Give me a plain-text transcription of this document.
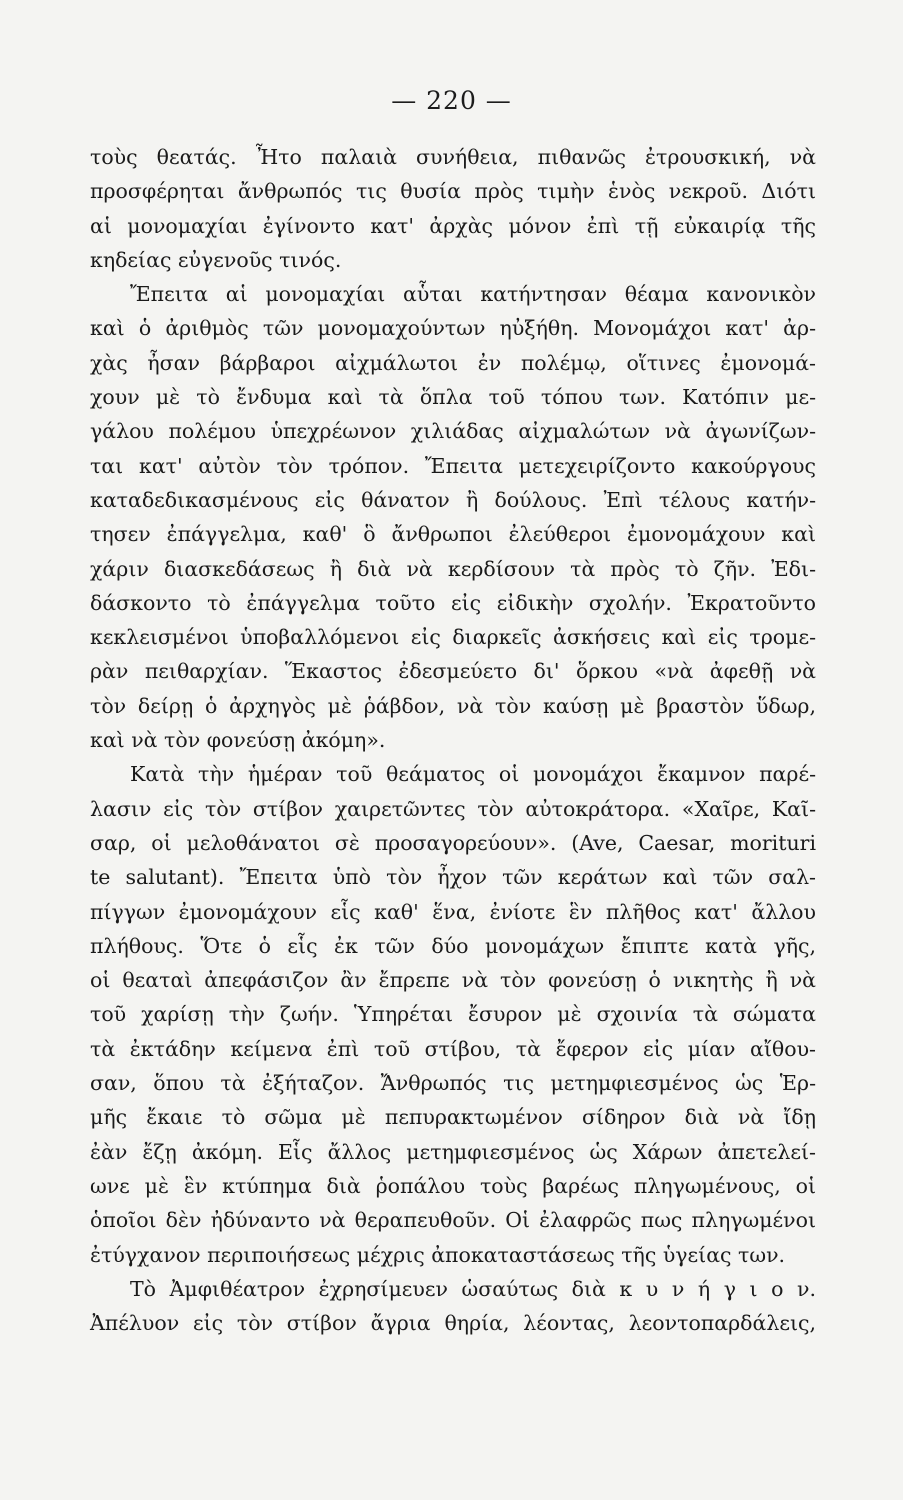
— 220 —
τοὺς θεατάς. Ἦτο παλαιὰ συνήθεια, πιθανῶς ἐτρουσκική, νὰ
προσφέρηται ἄνθρωπός τις θυσία πρὸς τιμὴν ἑνὸς νεκροῦ. Διότι
αἱ μονομαχίαι ἐγίνοντο κατ' ἀρχὰς μόνον ἐπὶ τῇ εὐκαιρίᾳ τῆς
κηδείας εὐγενοῦς τινός.
Ἔπειτα αἱ μονομαχίαι αὗται κατήντησαν θέαμα κανονικὸν
καὶ ὁ ἀριθμὸς τῶν μονομαχούντων ηὐξήθη. Μονομάχοι κατ' ἀρ-
χὰς ἦσαν βάρβαροι αἰχμάλωτοι ἐν πολέμῳ, οἵτινες ἐμονομά-
χουν μὲ τὸ ἔνδυμα καὶ τὰ ὅπλα τοῦ τόπου των. Κατόπιν με-
γάλου πολέμου ὑπεχρέωνον χιλιάδας αἰχμαλώτων νὰ ἀγωνίζων-
ται κατ' αὐτὸν τὸν τρόπον. Ἔπειτα μετεχειρίζοντο κακούργους
καταδεδικασμένους εἰς θάνατον ἢ δούλους. Ἐπὶ τέλους κατήν-
τησεν ἐπάγγελμα, καθ' ὃ ἄνθρωποι ἐλεύθεροι ἐμονομάχουν καὶ
χάριν διασκεδάσεως ἢ διὰ νὰ κερδίσουν τὰ πρὸς τὸ ζῆν. Ἐδι-
δάσκοντο τὸ ἐπάγγελμα τοῦτο εἰς εἰδικὴν σχολήν. Ἐκρατοῦντο
κεκλεισμένοι ὑποβαλλόμενοι εἰς διαρκεῖς ἀσκήσεις καὶ εἰς τρομε-
ρὰν πειθαρχίαν. Ἕκαστος ἐδεσμεύετο δι' ὅρκου «νὰ ἀφεθῇ νὰ
τὸν δείρῃ ὁ ἀρχηγὸς μὲ ῥάβδον, νὰ τὸν καύσῃ μὲ βραστὸν ὕδωρ,
καὶ νὰ τὸν φονεύσῃ ἀκόμη».
Κατὰ τὴν ἡμέραν τοῦ θεάματος οἱ μονομάχοι ἔκαμνον παρέ-
λασιν εἰς τὸν στίβον χαιρετῶντες τὸν αὐτοκράτορα. «Χαῖρε, Καῖ-
σαρ, οἱ μελοθάνατοι σὲ προσαγορεύουν». (Ave, Caesar, morituri
te salutant). Ἔπειτα ὑπὸ τὸν ἦχον τῶν κεράτων καὶ τῶν σαλ-
πίγγων ἐμονομάχουν εἷς καθ' ἕνα, ἐνίοτε ἓν πλῆθος κατ' ἄλλου
πλήθους. Ὅτε ὁ εἷς ἐκ τῶν δύο μονομάχων ἔπιπτε κατὰ γῆς,
οἱ θεαταὶ ἀπεφάσιζον ἂν ἔπρεπε νὰ τὸν φονεύσῃ ὁ νικητὴς ἢ νὰ
τοῦ χαρίσῃ τὴν ζωήν. Ὑπηρέται ἔσυρον μὲ σχοινία τὰ σώματα
τὰ ἐκτάδην κείμενα ἐπὶ τοῦ στίβου, τὰ ἔφερον εἰς μίαν αἴθου-
σαν, ὅπου τὰ ἐξήταζον. Ἄνθρωπός τις μετημφιεσμένος ὡς Ἑρ-
μῆς ἔκαιε τὸ σῶμα μὲ πεπυρακτωμένον σίδηρον διὰ νὰ ἴδῃ
ἐὰν ἔζῃ ἀκόμη. Εἷς ἄλλος μετημφιεσμένος ὡς Χάρων ἀπετελεί-
ωνε μὲ ἓν κτύπημα διὰ ῥοπάλου τοὺς βαρέως πληγωμένους, οἱ
ὁποῖοι δὲν ἠδύναντο νὰ θεραπευθοῦν. Οἱ ἐλαφρῶς πως πληγωμένοι
ἐτύγχανον περιποιήσεως μέχρις ἀποκαταστάσεως τῆς ὑγείας των.
Τὸ Ἀμφιθέατρον ἐχρησίμευεν ὡσαύτως διὰ κ υ ν ή γ ι ο ν.
Ἀπέλυον εἰς τὸν στίβον ἄγρια θηρία, λέοντας, λεοντοπαρδάλεις,
